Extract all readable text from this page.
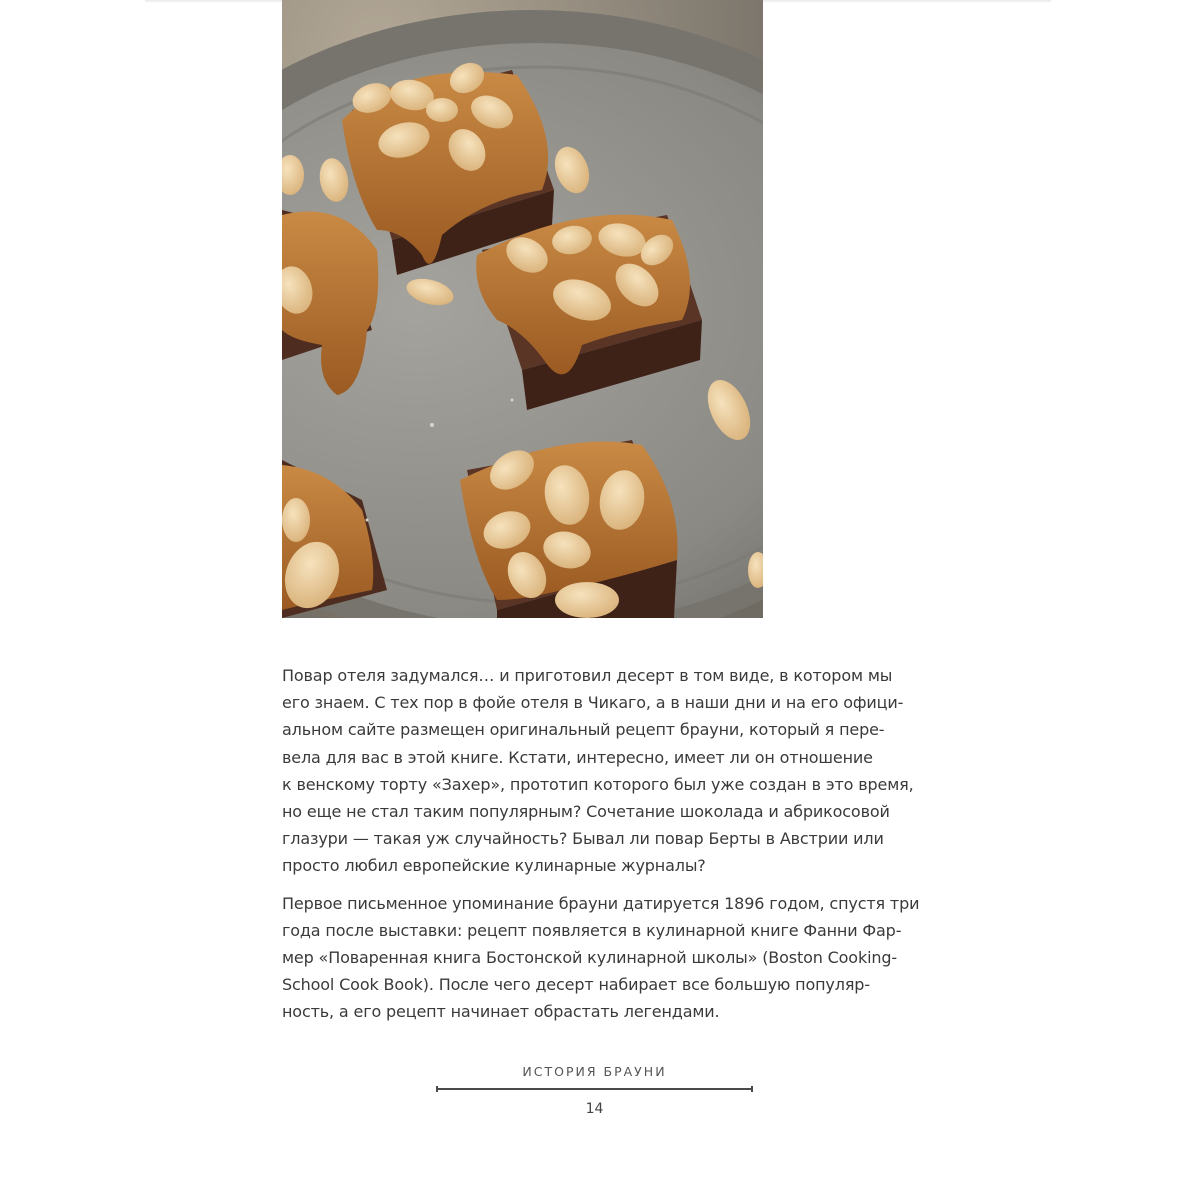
Повар отеля задумался… и приготовил десерт в том виде, в котором мы
его знаем. С тех пор в фойе отеля в Чикаго, а в наши дни и на его офици-
альном сайте размещен оригинальный рецепт брауни, который я пере-
вела для вас в этой книге. Кстати, интересно, имеет ли он отношение
к венскому торту «Захер», прототип которого был уже создан в это время,
но еще не стал таким популярным? Сочетание шоколада и абрикосовой
глазури — такая уж случайность? Бывал ли повар Берты в Австрии или
просто любил европейские кулинарные журналы?

Первое письменное упоминание брауни датируется 1896 годом, спустя три
года после выставки: рецепт появляется в кулинарной книге Фанни Фар-
мер «Поваренная книга Бостонской кулинарной школы» (Boston Cooking-
School Cook Book). После чего десерт набирает все большую популяр-
ность, а его рецепт начинает обрастать легендами.

ИСТОРИЯ БРАУНИ
14
